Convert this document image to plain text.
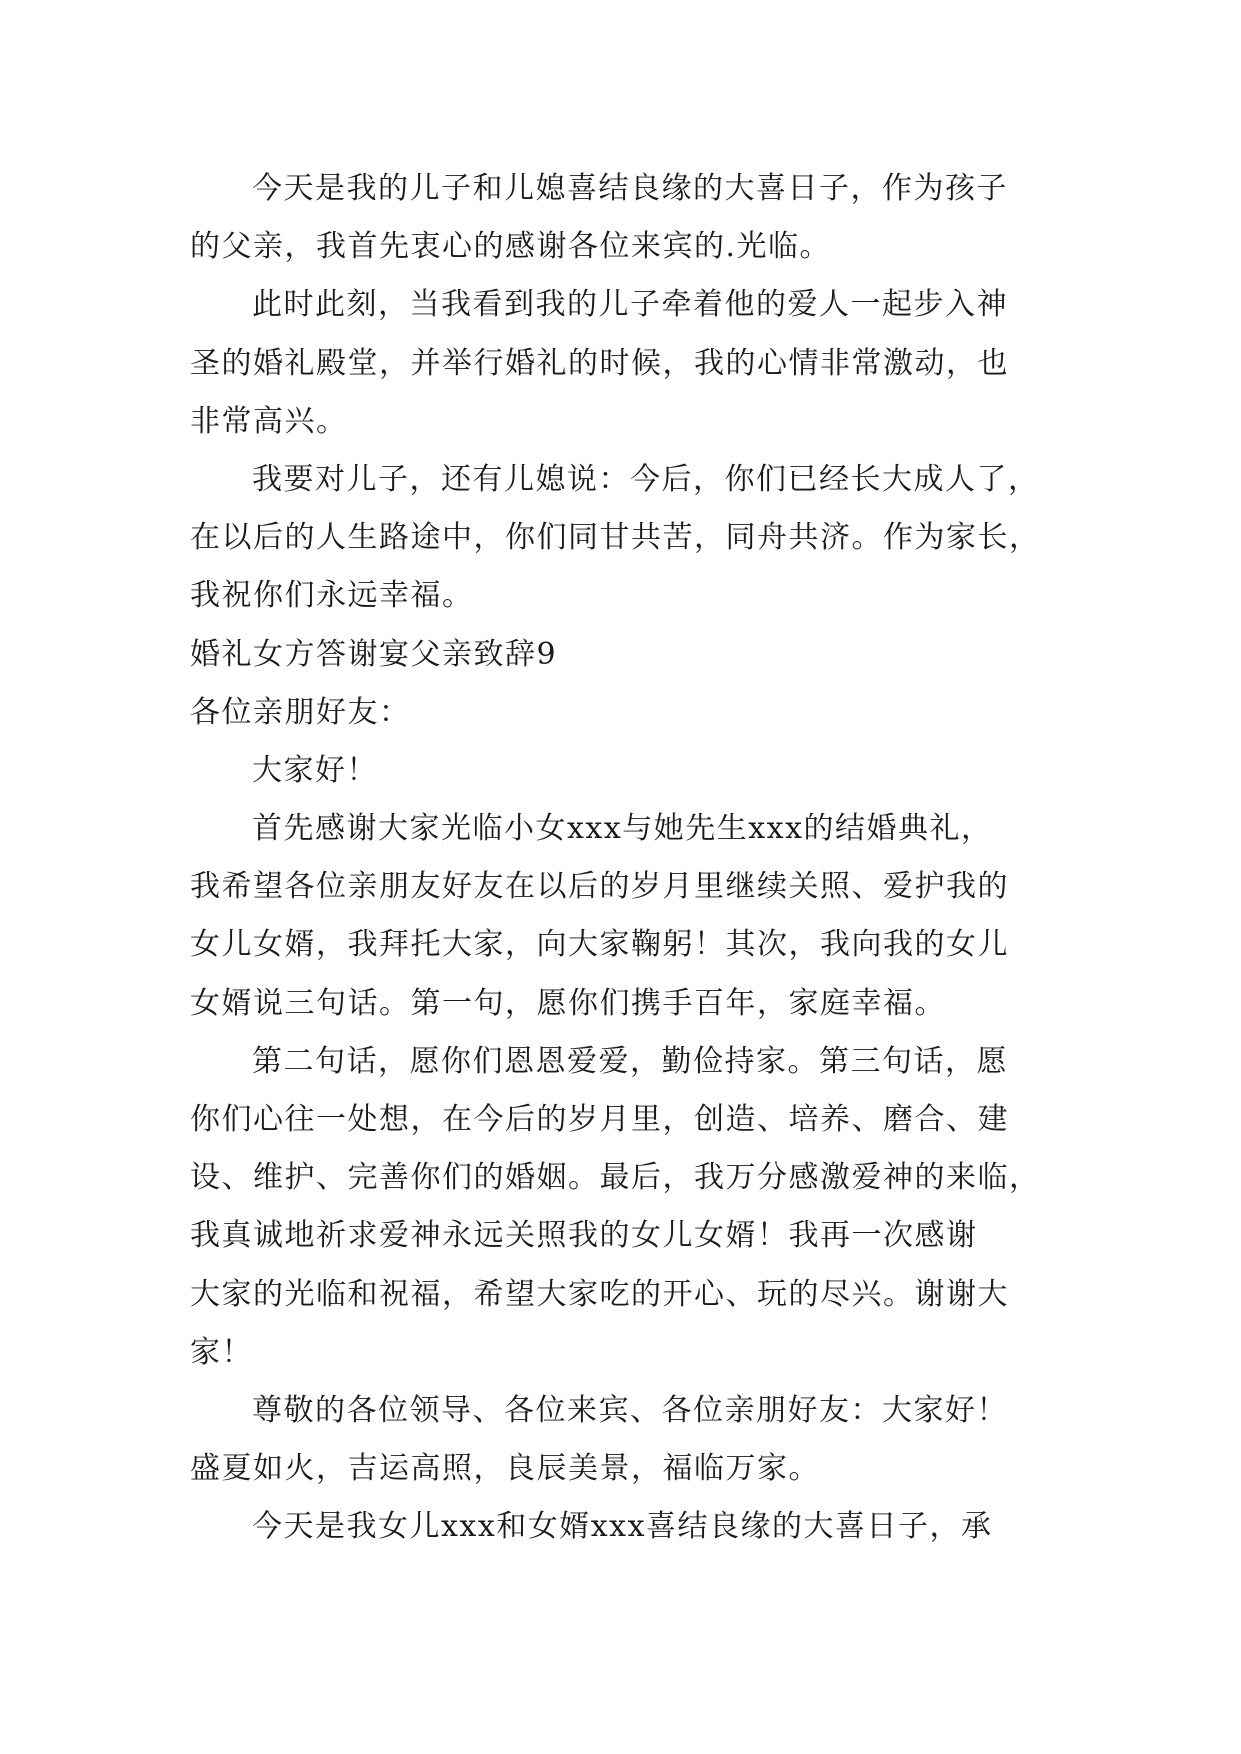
今天是我的儿子和儿媳喜结良缘的大喜日子，作为孩子
的父亲，我首先衷心的感谢各位来宾的.光临。
此时此刻，当我看到我的儿子牵着他的爱人一起步入神
圣的婚礼殿堂，并举行婚礼的时候，我的心情非常激动，也
非常高兴。
我要对儿子，还有儿媳说：今后，你们已经长大成人了，
在以后的人生路途中，你们同甘共苦，同舟共济。作为家长，
我祝你们永远幸福。
婚礼女方答谢宴父亲致辞9
各位亲朋好友：
大家好！
首先感谢大家光临小女xxx与她先生xxx的结婚典礼，
我希望各位亲朋友好友在以后的岁月里继续关照、爱护我的
女儿女婿，我拜托大家，向大家鞠躬！其次，我向我的女儿
女婿说三句话。第一句，愿你们携手百年，家庭幸福。
第二句话，愿你们恩恩爱爱，勤俭持家。第三句话，愿
你们心往一处想，在今后的岁月里，创造、培养、磨合、建
设、维护、完善你们的婚姻。最后，我万分感激爱神的来临，
我真诚地祈求爱神永远关照我的女儿女婿！我再一次感谢
大家的光临和祝福，希望大家吃的开心、玩的尽兴。谢谢大
家！
尊敬的各位领导、各位来宾、各位亲朋好友：大家好！
盛夏如火，吉运高照，良辰美景，福临万家。
今天是我女儿xxx和女婿xxx喜结良缘的大喜日子，承
